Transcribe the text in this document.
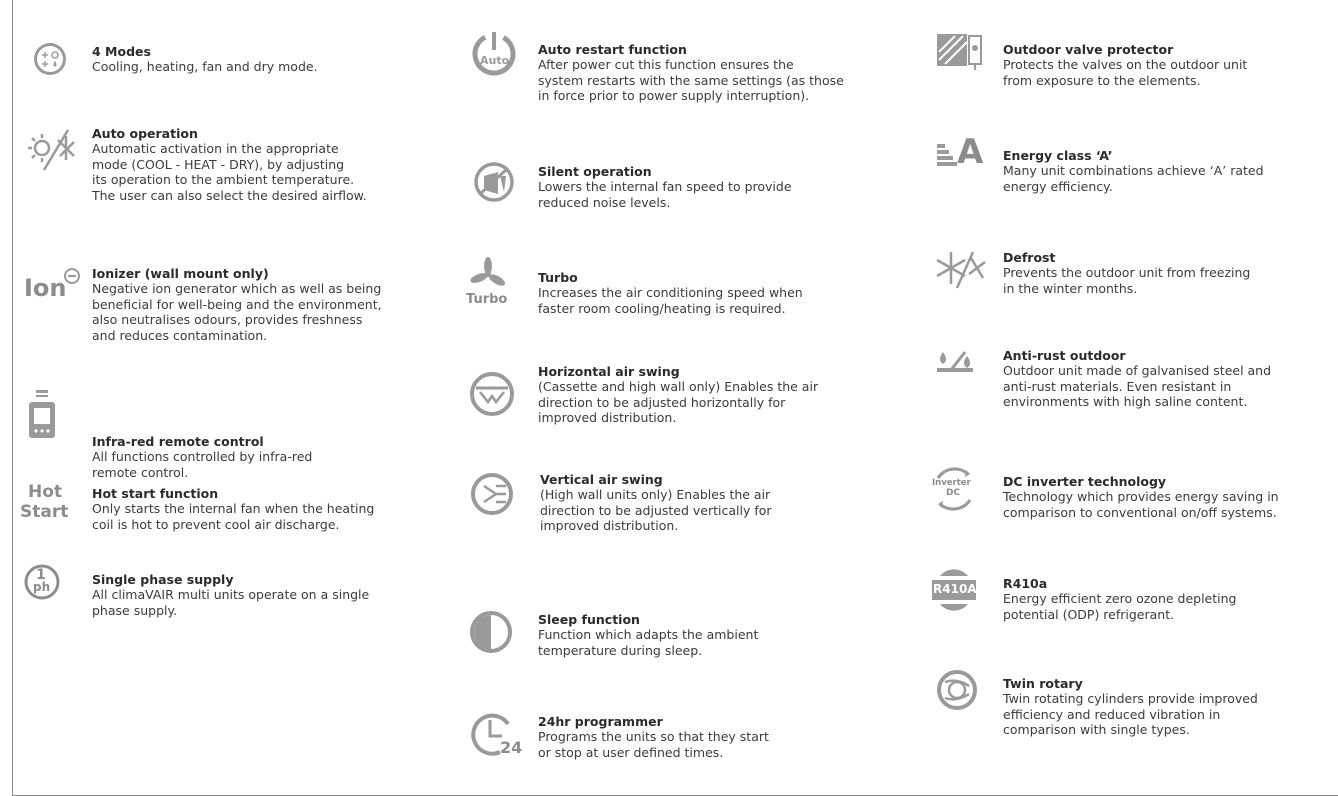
4 Modes
Cooling, heating, fan and dry mode.
Auto operation
Automatic activation in the appropriate
mode (COOL - HEAT - DRY), by adjusting
its operation to the ambient temperature.
The user can also select the desired airflow.
Ion
Ionizer (wall mount only)
Negative ion generator which as well as being
beneficial for well-being and the environment,
also neutralises odours, provides freshness
and reduces contamination.
Infra-red remote control
All functions controlled by infra-red
remote control.
Hot
Start
Hot start function
Only starts the internal fan when the heating
coil is hot to prevent cool air discharge.
1
ph	Single phase supply
All climaVAIR multi units operate on a single
phase supply.
Auto
Auto restart function
After power cut this function ensures the
system restarts with the same settings (as those
in force prior to power supply interruption).
Silent operation
Lowers the internal fan speed to provide
reduced noise levels.
Turbo
Turbo
Increases the air conditioning speed when
faster room cooling/heating is required.
Horizontal air swing
(Cassette and high wall only) Enables the air
direction to be adjusted horizontally for
improved distribution.
Vertical air swing
(High wall units only) Enables the air
direction to be adjusted vertically for
improved distribution.
Sleep function
Function which adapts the ambient
temperature during sleep.
24
24hr programmer
Programs the units so that they start
or stop at user defined times.
Outdoor valve protector
Protects the valves on the outdoor unit
from exposure to the elements.
A Energy class ‘A’
Many unit combinations achieve ‘A’ rated
energy efficiency.
Defrost
Prevents the outdoor unit from freezing
in the winter months.
Anti-rust outdoor
Outdoor unit made of galvanised steel and
anti-rust materials. Even resistant in
environments with high saline content.
Inverter
DC
DC inverter technology
Technology which provides energy saving in
comparison to conventional on/off systems.
R410A R410a
Energy efficient zero ozone depleting
potential (ODP) refrigerant.
Twin rotary
Twin rotating cylinders provide improved
efficiency and reduced vibration in
comparison with single types.
